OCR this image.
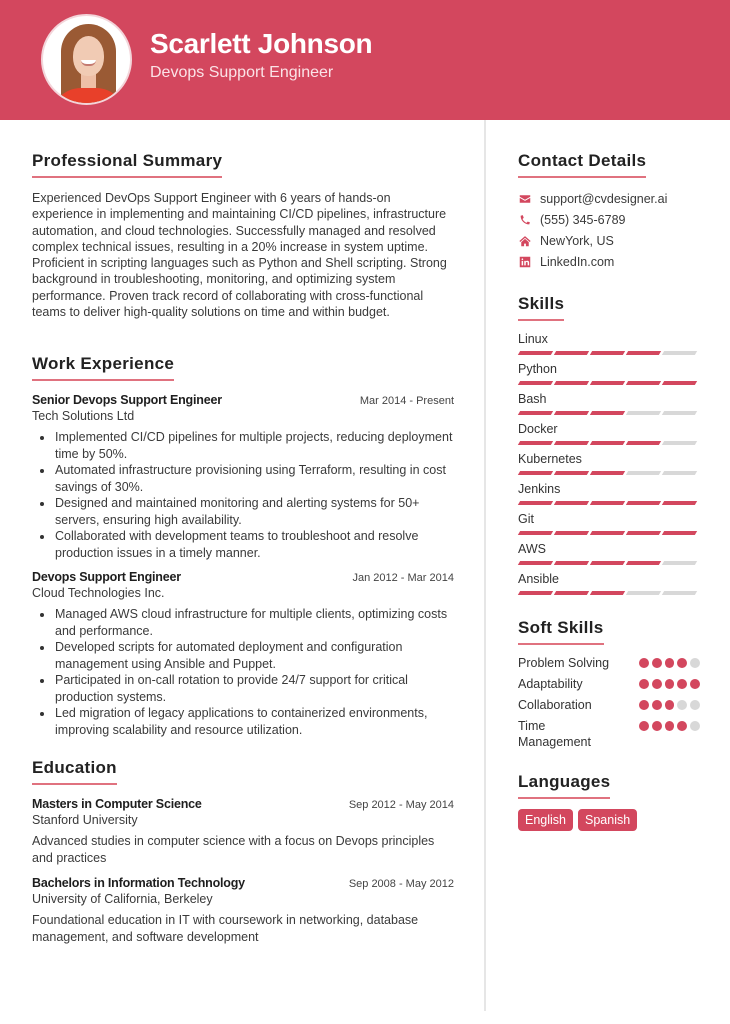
Scarlett Johnson
Devops Support Engineer
Professional Summary

Experienced DevOps Support Engineer with 6 years of hands-on experience in implementing and maintaining CI/CD pipelines, infrastructure automation, and cloud technologies. Successfully managed and resolved complex technical issues, resulting in a 20% increase in system uptime. Proficient in scripting languages such as Python and Shell scripting. Strong background in troubleshooting, monitoring, and optimizing system performance. Proven track record of collaborating with cross-functional teams to deliver high-quality solutions on time and within budget.

Work Experience
Senior Devops Support Engineer	Mar 2014 - Present
Tech Solutions Ltd
Implemented CI/CD pipelines for multiple projects, reducing deployment time by 50%.
Automated infrastructure provisioning using Terraform, resulting in cost savings of 30%.
Designed and maintained monitoring and alerting systems for 50+ servers, ensuring high availability.
Collaborated with development teams to troubleshoot and resolve production issues in a timely manner.
Devops Support Engineer	Jan 2012 - Mar 2014
Cloud Technologies Inc.
Managed AWS cloud infrastructure for multiple clients, optimizing costs and performance.
Developed scripts for automated deployment and configuration management using Ansible and Puppet.
Participated in on-call rotation to provide 24/7 support for critical production systems.
Led migration of legacy applications to containerized environments, improving scalability and resource utilization.
Education
Masters in Computer Science	Sep 2012 - May 2014
Stanford University

Advanced studies in computer science with a focus on Devops principles and practices

Bachelors in Information Technology	Sep 2008 - May 2012
University of California, Berkeley

Foundational education in IT with coursework in networking, database management, and software development

Contact Details
support@cvdesigner.ai
(555) 345-6789
NewYork, US
LinkedIn.com
Skills
Linux
Python
Bash
Docker
Kubernetes
Jenkins
Git
AWS
Ansible
Soft Skills
Problem Solving
Adaptability
Collaboration
Time Management
Languages
English	Spanish
